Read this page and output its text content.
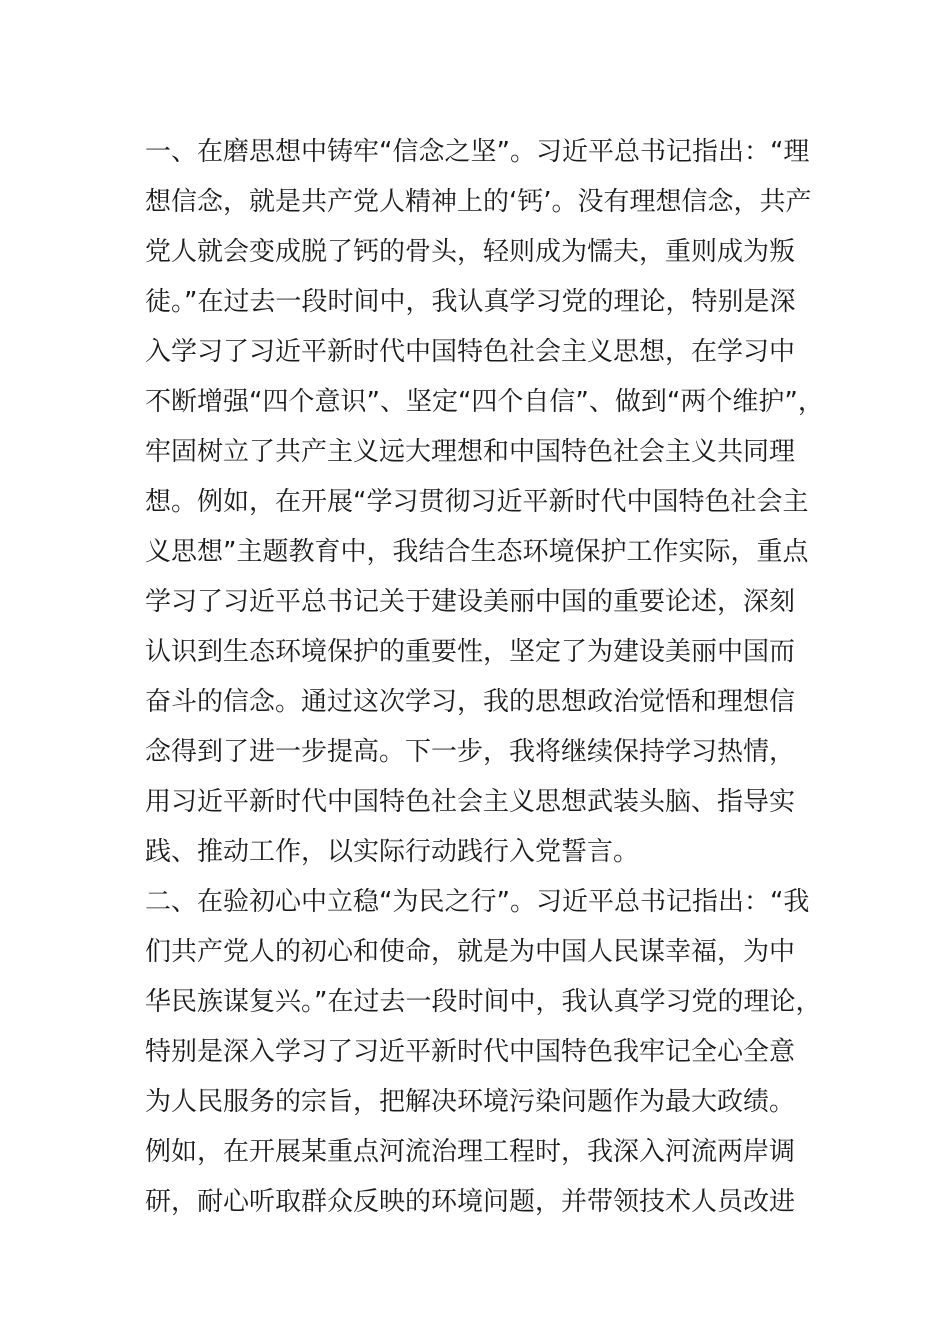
一、在磨思想中铸牢“信念之坚”。习近平总书记指出：“理
想信念，就是共产党人精神上的‘钙’。没有理想信念，共产
党人就会变成脱了钙的骨头，轻则成为懦夫，重则成为叛
徒。”在过去一段时间中，我认真学习党的理论，特别是深
入学习了习近平新时代中国特色社会主义思想，在学习中
不断增强“四个意识”、坚定“四个自信”、做到“两个维护”，
牢固树立了共产主义远大理想和中国特色社会主义共同理
想。例如，在开展“学习贯彻习近平新时代中国特色社会主
义思想”主题教育中，我结合生态环境保护工作实际，重点
学习了习近平总书记关于建设美丽中国的重要论述，深刻
认识到生态环境保护的重要性，坚定了为建设美丽中国而
奋斗的信念。通过这次学习，我的思想政治觉悟和理想信
念得到了进一步提高。下一步，我将继续保持学习热情，
用习近平新时代中国特色社会主义思想武装头脑、指导实
践、推动工作，以实际行动践行入党誓言。
二、在验初心中立稳“为民之行”。习近平总书记指出：“我
们共产党人的初心和使命，就是为中国人民谋幸福，为中
华民族谋复兴。”在过去一段时间中，我认真学习党的理论，
特别是深入学习了习近平新时代中国特色我牢记全心全意
为人民服务的宗旨，把解决环境污染问题作为最大政绩。
例如，在开展某重点河流治理工程时，我深入河流两岸调
研，耐心听取群众反映的环境问题，并带领技术人员改进
